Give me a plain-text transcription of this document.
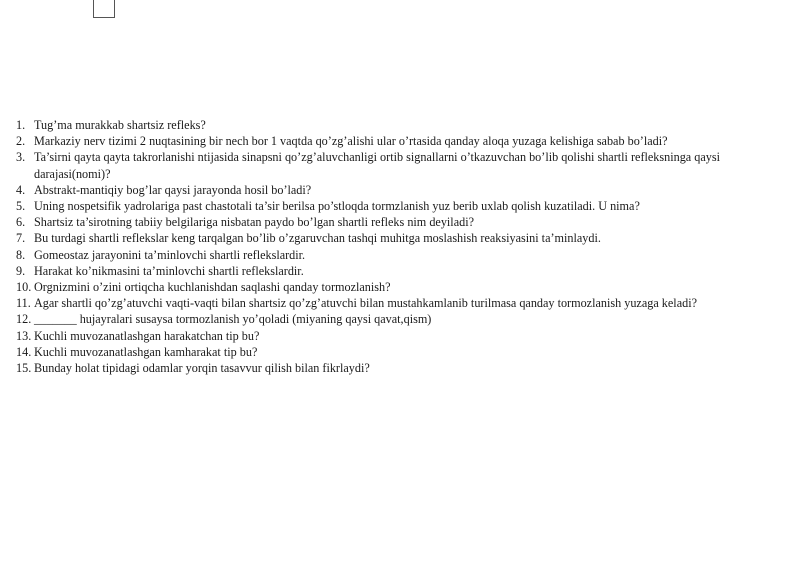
1. Tug’ma murakkab shartsiz refleks?
2. Markaziy nerv tizimi 2 nuqtasining bir nech bor 1 vaqtda qo’zg’alishi ular o’rtasida qanday aloqa yuzaga kelishiga sabab bo’ladi?
3. Ta’sirni qayta qayta takrorlanishi ntijasida sinapsni qo’zg’aluvchanligi ortib signallarni o’tkazuvchan bo’lib qolishi shartli refleksninga qaysi darajasi(nomi)?
4. Abstrakt-mantiqiy bog’lar qaysi jarayonda hosil bo’ladi?
5. Uning nospetsifik yadrolariga past chastotali ta’sir berilsa po’stloqda tormzlanish yuz berib uxlab qolish kuzatiladi. U nima?
6. Shartsiz ta’sirotning tabiiy belgilariga nisbatan paydo bo’lgan shartli refleks nim deyiladi?
7. Bu turdagi shartli reflekslar keng tarqalgan bo’lib o’zgaruvchan tashqi muhitga moslashish reaksiyasini ta’minlaydi.
8. Gomeostaz jarayonini ta’minlovchi shartli reflekslardir.
9. Harakat ko’nikmasini ta’minlovchi shartli reflekslardir.
10. Orgnizmini o’zini ortiqcha kuchlanishdan saqlashi qanday tormozlanish?
11. Agar shartli qo’zg’atuvchi vaqti-vaqti bilan shartsiz qo’zg’atuvchi bilan mustahkamlanib turilmasa qanday tormozlanish yuzaga keladi?
12. _______ hujayralari susaysa tormozlanish yo’qoladi (miyaning qaysi qavat,qism)
13. Kuchli muvozanatlashgan harakatchan tip bu?
14. Kuchli muvozanatlashgan kamharakat tip bu?
15. Bunday holat tipidagi odamlar yorqin tasavvur qilish bilan fikrlaydi?
